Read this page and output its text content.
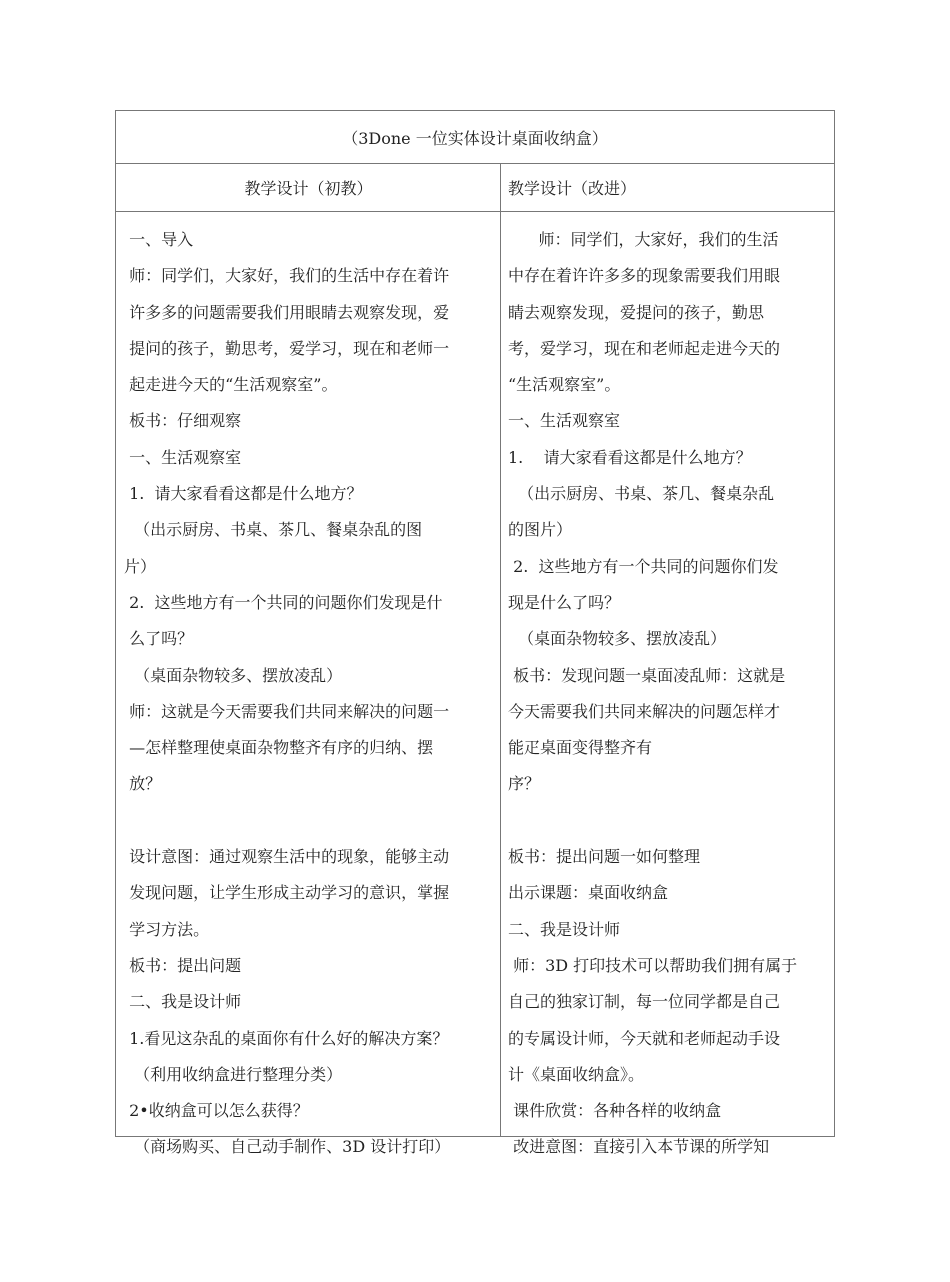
（3Done 一位实体设计桌面收纳盒）
教学设计（初教）	教学设计（改进）
一、导入
师：同学们，大家好，我们的生活中存在着许
许多多的问题需要我们用眼睛去观察发现，爱
提问的孩子，勤思考，爱学习，现在和老师一
起走进今天的“生活观察室”。
板书：仔细观察
一、生活观察室
1.  请大家看看这都是什么地方？
（出示厨房、书桌、茶几、餐桌杂乱的图
片）
2.  这些地方有一个共同的问题你们发现是什
么了吗？
（桌面杂物较多、摆放凌乱）
师：这就是今天需要我们共同来解决的问题一
—怎样整理使桌面杂物整齐有序的归纳、摆
放？
设计意图：通过观察生活中的现象，能够主动
发现问题，让学生形成主动学习的意识，掌握
学习方法。
板书：提出问题
二、我是设计师
1.看见这杂乱的桌面你有什么好的解决方案？
（利用收纳盒进行整理分类）
2•收纳盒可以怎么获得？
（商场购买、自己动手制作、3D 设计打印）
师：同学们，大家好，我们的生活
中存在着许许多多的现象需要我们用眼
睛去观察发现，爱提问的孩子，勤思
考，爱学习，现在和老师起走进今天的
“生活观察室”。
一、生活观察室
1.    请大家看看这都是什么地方？
（出示厨房、书桌、茶几、餐桌杂乱
的图片）
2.  这些地方有一个共同的问题你们发
现是什么了吗？
（桌面杂物较多、摆放凌乱）
板书：发现问题一桌面凌乱师：这就是
今天需要我们共同来解决的问题怎样才
能疋桌面变得整齐有
序？
板书：提出问题一如何整理
出示课题：桌面收纳盒
二、我是设计师
师：3D 打印技术可以帮助我们拥有属于
自己的独家订制，每一位同学都是自己
的专属设计师，今天就和老师起动手设
计《桌面收纳盒》。
课件欣赏：各种各样的收纳盒
改进意图：直接引入本节课的所学知
